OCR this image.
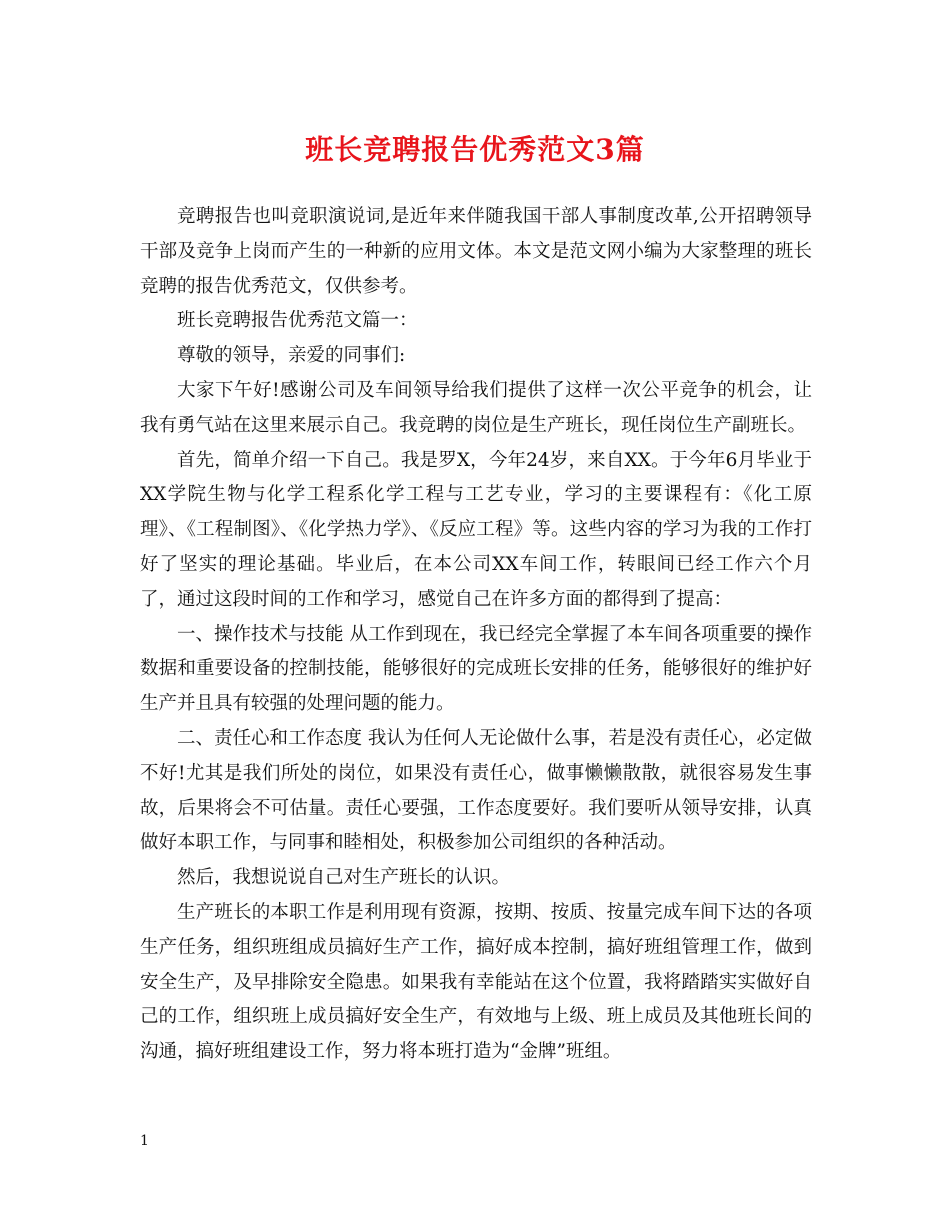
班长竞聘报告优秀范文3篇

竞聘报告也叫竞职演说词,是近年来伴随我国干部人事制度改革,公开招聘领导干部及竞争上岗而产生的一种新的应用文体。本文是范文网小编为大家整理的班长竞聘的报告优秀范文，仅供参考。

班长竞聘报告优秀范文篇一：

尊敬的领导，亲爱的同事们:

大家下午好!感谢公司及车间领导给我们提供了这样一次公平竞争的机会，让我有勇气站在这里来展示自己。我竞聘的岗位是生产班长，现任岗位生产副班长。

首先，简单介绍一下自己。我是罗X，今年24岁，来自XX。于今年6月毕业于XX学院生物与化学工程系化学工程与工艺专业，学习的主要课程有：《化工原理》、《工程制图》、《化学热力学》、《反应工程》等。这些内容的学习为我的工作打好了坚实的理论基础。毕业后，在本公司XX车间工作，转眼间已经工作六个月了，通过这段时间的工作和学习，感觉自己在许多方面的都得到了提高：

一、操作技术与技能 从工作到现在，我已经完全掌握了本车间各项重要的操作数据和重要设备的控制技能，能够很好的完成班长安排的任务，能够很好的维护好生产并且具有较强的处理问题的能力。

二、责任心和工作态度 我认为任何人无论做什么事，若是没有责任心，必定做不好!尤其是我们所处的岗位，如果没有责任心，做事懒懒散散，就很容易发生事故，后果将会不可估量。责任心要强，工作态度要好。我们要听从领导安排，认真做好本职工作，与同事和睦相处，积极参加公司组织的各种活动。

然后，我想说说自己对生产班长的认识。

生产班长的本职工作是利用现有资源，按期、按质、按量完成车间下达的各项生产任务，组织班组成员搞好生产工作，搞好成本控制，搞好班组管理工作，做到安全生产，及早排除安全隐患。如果我有幸能站在这个位置，我将踏踏实实做好自己的工作，组织班上成员搞好安全生产，有效地与上级、班上成员及其他班长间的沟通，搞好班组建设工作，努力将本班打造为“金牌”班组。

1
